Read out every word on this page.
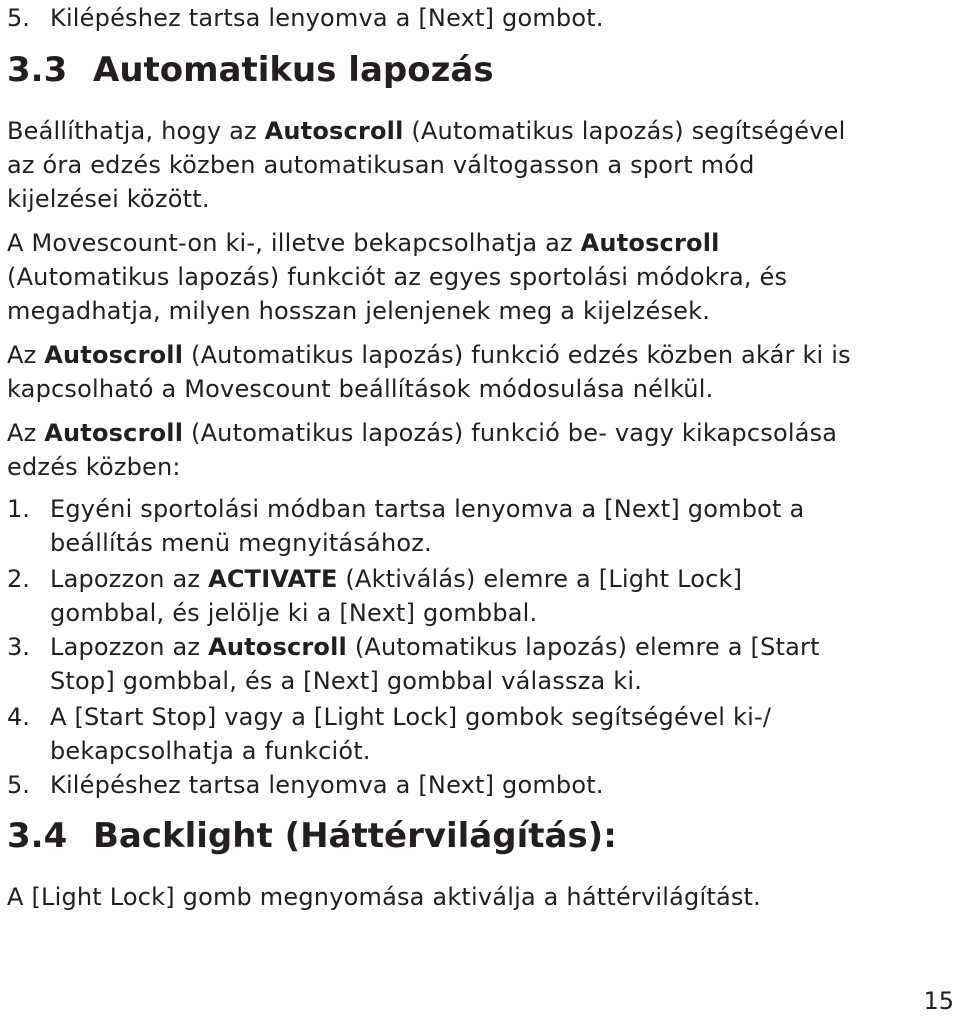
5. Kilépéshez tartsa lenyomva a [Next] gombot.
3.3 Automatikus lapozás
Beállíthatja, hogy az Autoscroll (Automatikus lapozás) segítségével
az óra edzés közben automatikusan váltogasson a sport mód
kijelzései között.
A Movescount-on ki-, illetve bekapcsolhatja az Autoscroll
(Automatikus lapozás) funkciót az egyes sportolási módokra, és
megadhatja, milyen hosszan jelenjenek meg a kijelzések.
Az Autoscroll (Automatikus lapozás) funkció edzés közben akár ki is
kapcsolható a Movescount beállítások módosulása nélkül.
Az Autoscroll (Automatikus lapozás) funkció be- vagy kikapcsolása
edzés közben:
1. Egyéni sportolási módban tartsa lenyomva a [Next] gombot a
beállítás menü megnyitásához.
2. Lapozzon az ACTIVATE (Aktiválás) elemre a [Light Lock]
gombbal, és jelölje ki a [Next] gombbal.
3. Lapozzon az Autoscroll (Automatikus lapozás) elemre a [Start
Stop] gombbal, és a [Next] gombbal válassza ki.
4. A [Start Stop] vagy a [Light Lock] gombok segítségével ki-/
bekapcsolhatja a funkciót.
5. Kilépéshez tartsa lenyomva a [Next] gombot.
3.4 Backlight (Háttérvilágítás):
A [Light Lock] gomb megnyomása aktiválja a háttérvilágítást.
15
